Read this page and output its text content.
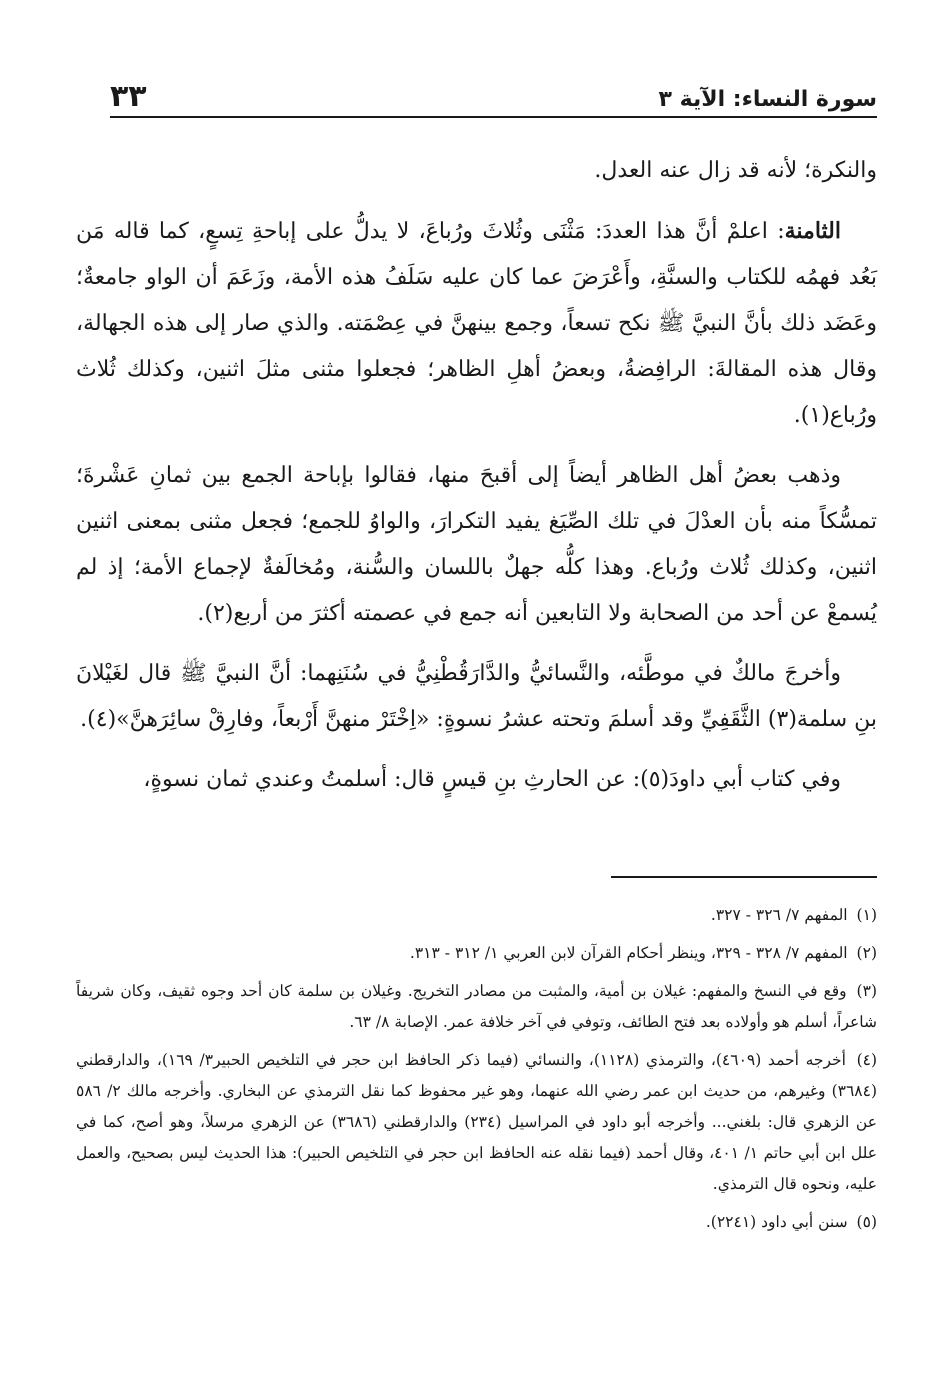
سورة النساء: الآية ٣
٣٣

والنكرة؛ لأنه قد زال عنه العدل.

الثامنة: اعلمْ أنَّ هذا العددَ: مَثْنَى وثُلاثَ ورُباعَ، لا يدلُّ على إباحةِ تِسعٍ، كما قاله مَن بَعُد فهمُه للكتاب والسنَّةِ، وأَعْرَضَ عما كان عليه سَلَفُ هذه الأمة، وزَعَمَ أن الواو جامعةٌ؛ وعَضَد ذلك بأنَّ النبيَّ ﷺ نكح تسعاً، وجمع بينهنَّ في عِصْمَته. والذي صار إلى هذه الجهالة، وقال هذه المقالةَ: الرافِضةُ، وبعضُ أهلِ الظاهر؛ فجعلوا مثنى مثلَ اثنين، وكذلك ثُلاث ورُباع(١).

وذهب بعضُ أهل الظاهر أيضاً إلى أقبحَ منها، فقالوا بإباحة الجمع بين ثمانِ عَشْرةَ؛ تمسُّكاً منه بأن العدْلَ في تلك الصِّيَغ يفيد التكرارَ، والواوُ للجمع؛ فجعل مثنى بمعنى اثنين اثنين، وكذلك ثُلاث ورُباع. وهذا كلُّه جهلٌ باللسان والسُّنة، ومُخالَفةٌ لإجماع الأمة؛ إذ لم يُسمعْ عن أحد من الصحابة ولا التابعين أنه جمع في عصمته أكثرَ من أربع(٢).

وأخرجَ مالكٌ في موطَّئه، والنَّسائيُّ والدَّارَقُطْنِيُّ في سُنَنِهما: أنَّ النبيَّ ﷺ قال لغَيْلانَ بنِ سلمة(٣) الثَّقَفِيِّ وقد أسلمَ وتحته عشرُ نسوةٍ: «اِخْتَرْ منهنَّ أَرْبعاً، وفارِقْ سائِرَهنَّ»(٤).

وفي كتاب أبي داودَ(٥): عن الحارثِ بنِ قيسٍ قال: أسلمتُ وعندي ثمان نسوةٍ،

(١) المفهم ٧/ ٣٢٦ - ٣٢٧.
(٢) المفهم ٧/ ٣٢٨ - ٣٢٩، وينظر أحكام القرآن لابن العربي ١/ ٣١٢ - ٣١٣.
(٣) وقع في النسخ والمفهم: غيلان بن أمية، والمثبت من مصادر التخريج. وغيلان بن سلمة كان أحد وجوه ثقيف، وكان شريفاً شاعراً، أسلم هو وأولاده بعد فتح الطائف، وتوفي في آخر خلافة عمر. الإصابة ٨/ ٦٣.
(٤) أخرجه أحمد (٤٦٠٩)، والترمذي (١١٢٨)، والنسائي (فيما ذكر الحافظ ابن حجر في التلخيص الحبير٣/ ١٦٩)، والدارقطني (٣٦٨٤) وغيرهم، من حديث ابن عمر رضي الله عنهما، وهو غير محفوظ كما نقل الترمذي عن البخاري. وأخرجه مالك ٢/ ٥٨٦ عن الزهري قال: بلغني... وأخرجه أبو داود في المراسيل (٢٣٤) والدارقطني (٣٦٨٦) عن الزهري مرسلاً، وهو أصح، كما في علل ابن أبي حاتم ١/ ٤٠١، وقال أحمد (فيما نقله عنه الحافظ ابن حجر في التلخيص الحبير): هذا الحديث ليس بصحيح، والعمل عليه، ونحوه قال الترمذي.
(٥) سنن أبي داود (٢٢٤١).
